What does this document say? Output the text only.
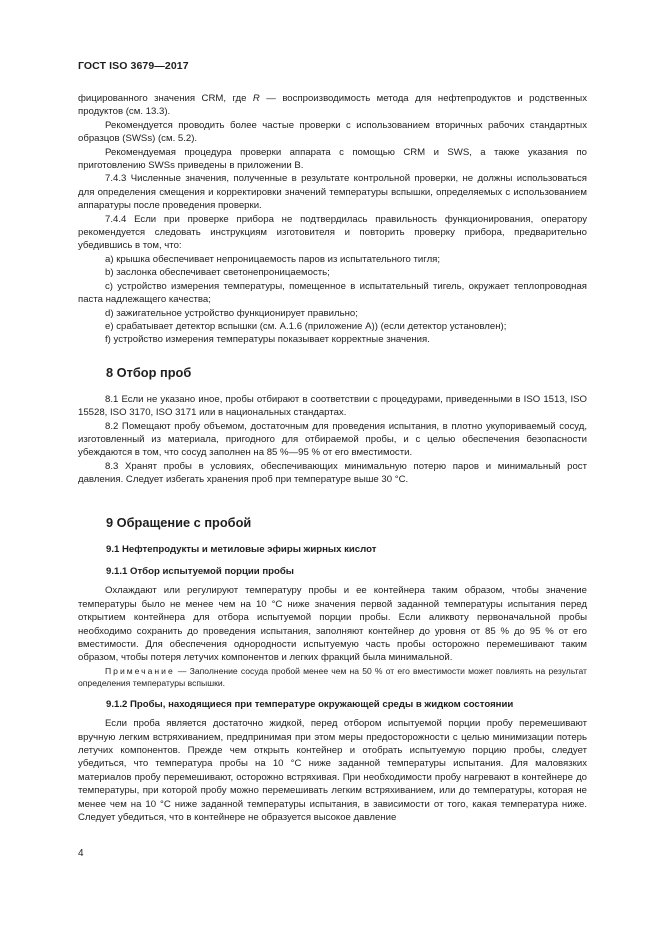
ГОСТ ISO 3679—2017

фицированного значения CRM, где R — воспроизводимость метода для нефтепродуктов и родственных продуктов (см. 13.3).

Рекомендуется проводить более частые проверки с использованием вторичных рабочих стандартных образцов (SWSs) (см. 5.2).

Рекомендуемая процедура проверки аппарата с помощью CRM и SWS, а также указания по приготовлению SWSs приведены в приложении В.

7.4.3 Численные значения, полученные в результате контрольной проверки, не должны использоваться для определения смещения и корректировки значений температуры вспышки, определяемых с использованием аппаратуры после проведения проверки.

7.4.4 Если при проверке прибора не подтвердилась правильность функционирования, оператору рекомендуется следовать инструкциям изготовителя и повторить проверку прибора, предварительно убедившись в том, что:

а) крышка обеспечивает непроницаемость паров из испытательного тигля;

b) заслонка обеспечивает светонепроницаемость;

с) устройство измерения температуры, помещенное в испытательный тигель, окружает теплопроводная паста надлежащего качества;

d) зажигательное устройство функционирует правильно;

е) срабатывает детектор вспышки (см. А.1.6 (приложение А)) (если детектор установлен);

f) устройство измерения температуры показывает корректные значения.

8 Отбор проб

8.1 Если не указано иное, пробы отбирают в соответствии с процедурами, приведенными в ISO 1513, ISO 15528, ISO 3170, ISO 3171 или в национальных стандартах.

8.2 Помещают пробу объемом, достаточным для проведения испытания, в плотно укупориваемый сосуд, изготовленный из материала, пригодного для отбираемой пробы, и с целью обеспечения безопасности убеждаются в том, что сосуд заполнен на 85 %—95 % от его вместимости.

8.3 Хранят пробы в условиях, обеспечивающих минимальную потерю паров и минимальный рост давления. Следует избегать хранения проб при температуре выше 30 °С.

9 Обращение с пробой
9.1 Нефтепродукты и метиловые эфиры жирных кислот
9.1.1 Отбор испытуемой порции пробы

Охлаждают или регулируют температуру пробы и ее контейнера таким образом, чтобы значение температуры было не менее чем на 10 °С ниже значения первой заданной температуры испытания перед открытием контейнера для отбора испытуемой порции пробы. Если аликвоту первоначальной пробы необходимо сохранить до проведения испытания, заполняют контейнер до уровня от 85 % до 95 % от его вместимости. Для обеспечения однородности испытуемую часть пробы осторожно перемешивают таким образом, чтобы потеря летучих компонентов и легких фракций была минимальной.

Примечание — Заполнение сосуда пробой менее чем на 50 % от его вместимости может повлиять на результат определения температуры вспышки.

9.1.2 Пробы, находящиеся при температуре окружающей среды в жидком состоянии

Если проба является достаточно жидкой, перед отбором испытуемой порции пробу перемешивают вручную легким встряхиванием, предпринимая при этом меры предосторожности с целью минимизации потерь летучих компонентов. Прежде чем открыть контейнер и отобрать испытуемую порцию пробы, следует убедиться, что температура пробы на 10 °С ниже заданной температуры испытания. Для маловязких материалов пробу перемешивают, осторожно встряхивая. При необходимости пробу нагревают в контейнере до температуры, при которой пробу можно перемешивать легким встряхиванием, или до температуры, которая не менее чем на 10 °С ниже заданной температуры испытания, в зависимости от того, какая температура ниже. Следует убедиться, что в контейнере не образуется высокое давление

4
